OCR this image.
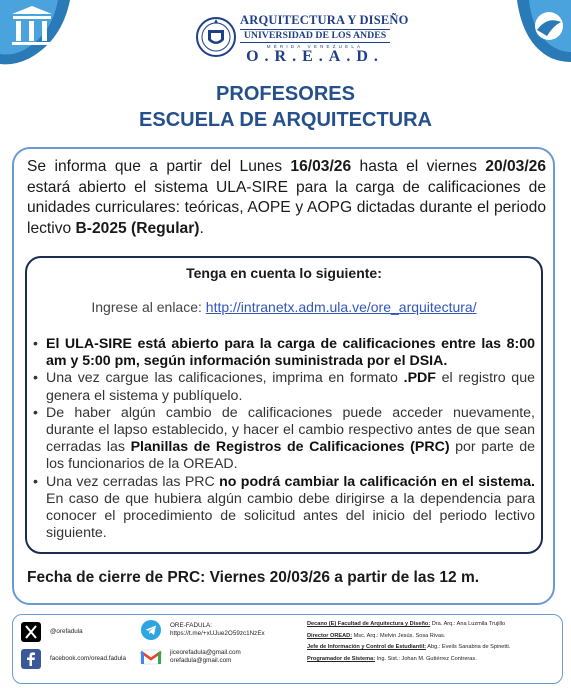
ARQUITECTURA Y DISEÑO
UNIVERSIDAD DE LOS ANDES
MÉRIDA VENEZUELA
O.R.E.A.D.
PROFESORES
ESCUELA DE ARQUITECTURA
Se informa que a partir del Lunes 16/03/26 hasta el viernes 20/03/26 estará abierto el sistema ULA-SIRE para la carga de calificaciones de unidades curriculares: teóricas, AOPE y AOPG dictadas durante el periodo lectivo B-2025 (Regular).
Tenga en cuenta lo siguiente:
Ingrese al enlace: http://intranetx.adm.ula.ve/ore_arquitectura/
• El ULA-SIRE está abierto para la carga de calificaciones entre las 8:00 am y 5:00 pm, según información suministrada por el DSIA.
• Una vez cargue las calificaciones, imprima en formato .PDF el registro que genera el sistema y publíquelo.
• De haber algún cambio de calificaciones puede acceder nuevamente, durante el lapso establecido, y hacer el cambio respectivo antes de que sean cerradas las Planillas de Registros de Calificaciones (PRC) por parte de los funcionarios de la OREAD.
• Una vez cerradas las PRC no podrá cambiar la calificación en el sistema. En caso de que hubiera algún cambio debe dirigirse a la dependencia para conocer el procedimiento de solicitud antes del inicio del periodo lectivo siguiente.
Fecha de cierre de PRC: Viernes 20/03/26 a partir de las 12 m.
@orefadula
facebook.com/oread.fadula
ORE-FADULA:
https://t.me/+xUJue2O59zc1NzEx
jiceorefadula@gmail.com
orefadula@gmail.com
Decano (E) Facultad de Arquitectura y Diseño: Dra. Arq.: Ana Luzmila Trujillo
Director OREAD: Msc. Arq.: Melvin Jesús. Sosa Rivas.
Jefe de Información y Control de Estudiantil: Abg.: Eveils Sanabria de Spinetti.
Programador de Sistema: Ing. Sist.: Johan M. Gutiérrez Contreras.
